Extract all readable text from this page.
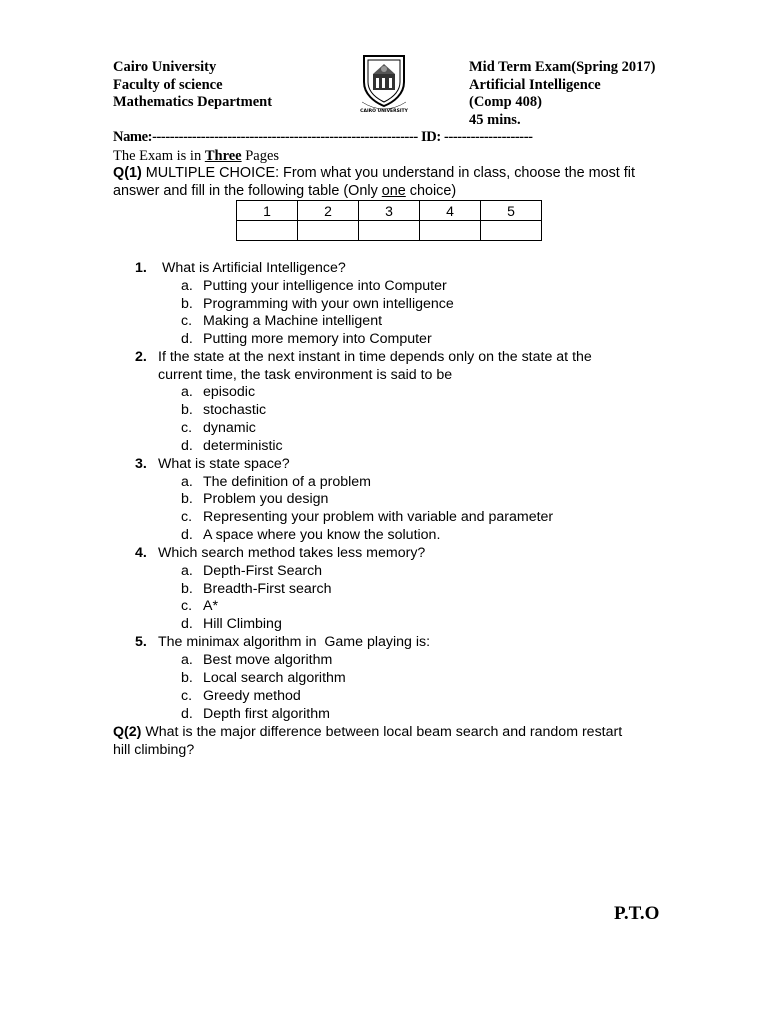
Cairo University
Faculty of science
Mathematics Department
CAIRO UNIVERSITY
Mid Term Exam(Spring 2017)
Artificial Intelligence
(Comp 408)
45 mins.
Name:------------------------------------------------------------ ID: --------------------
The Exam is in Three Pages
Q(1) MULTIPLE CHOICE: From what you understand in class, choose the most fit
answer and fill in the following table (Only one choice)
1	2	3	4	5

1. What is Artificial Intelligence?
a. Putting your intelligence into Computer
b. Programming with your own intelligence
c. Making a Machine intelligent
d. Putting more memory into Computer
2. If the state at the next instant in time depends only on the state at the
current time, the task environment is said to be
a. episodic
b. stochastic
c. dynamic
d. deterministic
3. What is state space?
a. The definition of a problem
b. Problem you design
c. Representing your problem with variable and parameter
d. A space where you know the solution.
4. Which search method takes less memory?
a. Depth-First Search
b. Breadth-First search
c. A*
d. Hill Climbing
5. The minimax algorithm in  Game playing is:
a. Best move algorithm
b. Local search algorithm
c. Greedy method
d. Depth first algorithm
Q(2) What is the major difference between local beam search and random restart
hill climbing?
P.T.O
